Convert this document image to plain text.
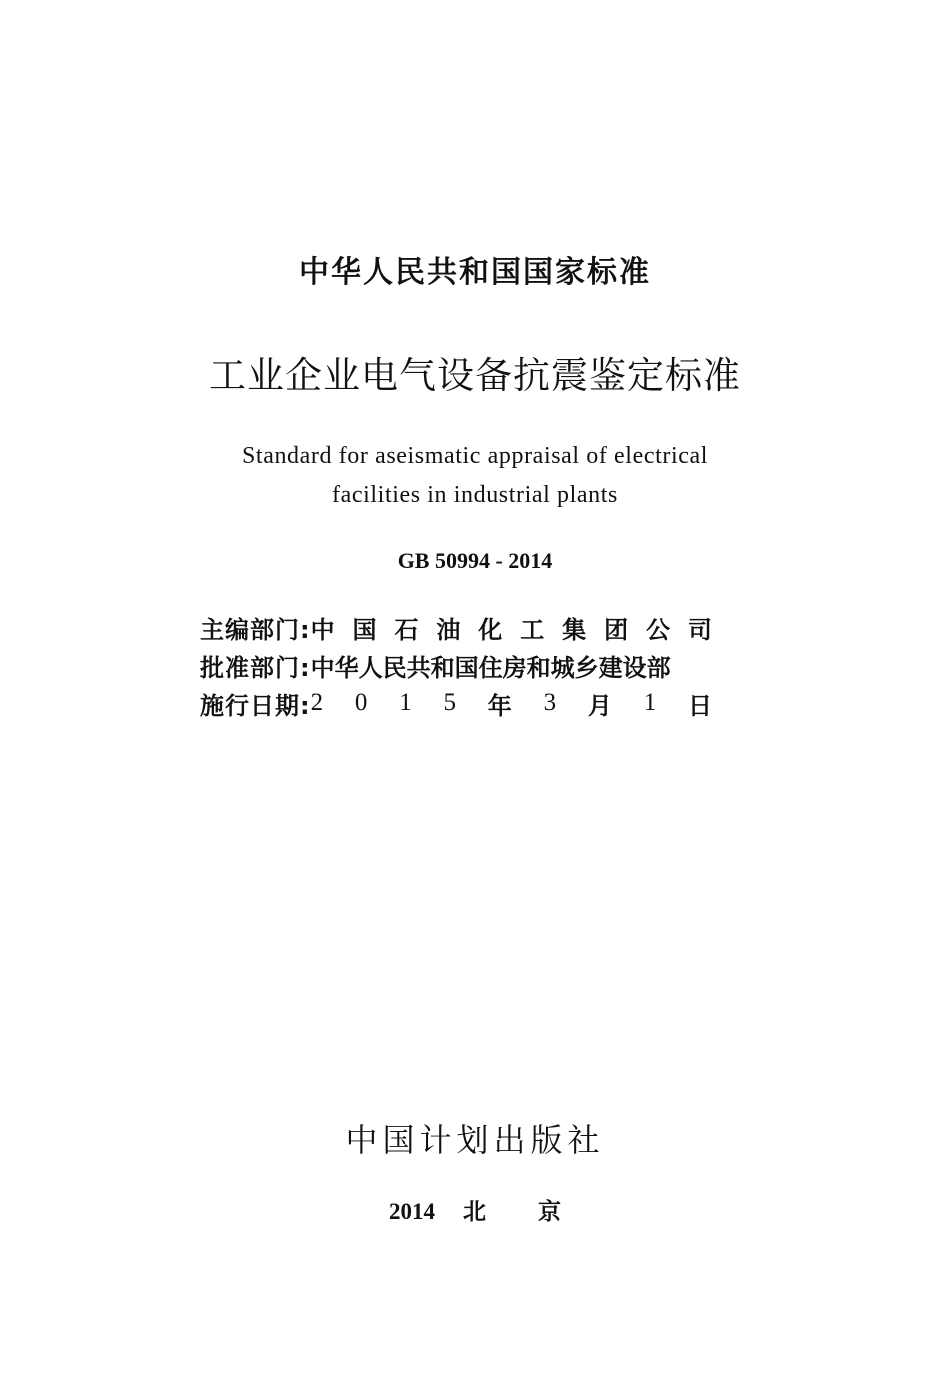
中华人民共和国国家标准
工业企业电气设备抗震鉴定标准
Standard for aseismatic appraisal of electrical
facilities in industrial plants
GB 50994 - 2014
主编部门: 中 国 石 油 化 工 集 团 公 司
批准部门: 中华人民共和国住房和城乡建设部
施行日期: 2 0 1 5 年 3 月 1 日
中国计划出版社
2014 北京
